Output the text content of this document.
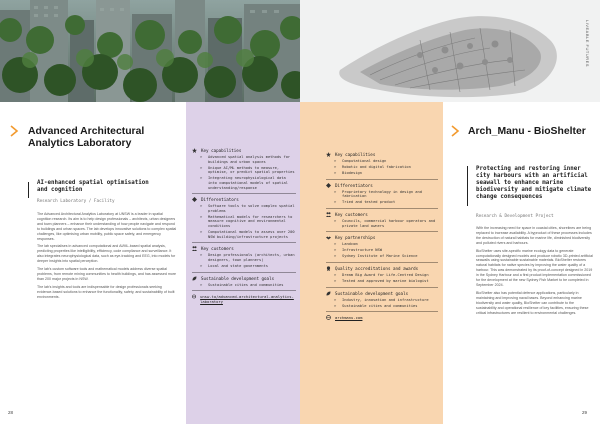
LIVEABLE FUTURES
Advanced Architectural Analytics Laboratory
AI-enhanced spatial optimisation and cognition
Research Laboratory / Facility

The Advanced Architectural Analytics Laboratory at UNSW is a leader in spatial cognition research. Its aim is to help design professionals – architects, urban designers and town planners – enhance their understanding of how people navigate and respond to buildings and urban spaces. The lab develops innovative solutions to complex spatial challenges, like optimising urban mobility, public space safety, and emergency responses.

The lab specialises in advanced computational and AI/ML-based spatial analysis, predicting properties like intelligibility, efficiency, code compliance and surveillance. It also integrates neurophysiological data, such as eye-tracking and EEG, into models for deeper insights into spatial perception.

The lab's custom software tools and mathematical models address diverse spatial problems, from remote mining communities to health buildings, and has assessed more than 200 major projects in NSW.

The lab's insights and tools are indispensable for design professionals seeking evidence-based solutions to enhance the functionality, safety, and sustainability of built environments.

28
Key capabilities
>	Advanced spatial analysis methods for buildings and urban spaces
>	Unique AI/ML methods to measure, optimise, or predict spatial properties
>	Integrating neurophysiological data into computational models of spatial understanding/response
Differentiators
>	Software tools to solve complex spatial problems
>	Mathematical models for researchers to measure cognitive and environmental conditions
>	Computational models to assess over 200 NSW building/infrastructure projects
Key customers
>	Design professionals (architects, urban designers, town planners)
>	Local and state governments
Sustainable development goals
>	Sustainable cities and communities
unsw.to/advanced-architectural-analytics-laboratory
Key capabilities
>	Computational design
>	Robotic and digital fabrication
>	Biodesign
Differentiators
>	Proprietary technology in design and fabrication
>	Tried and tested product
Key customers
>	Councils, commercial harbour operators and private land owners
Key partnerships
>	Landcom
>	Infrastructure NSW
>	Sydney Institute of Marine Science
Quality accreditations and awards
>	Dream Big Award for Life-Centred Design
>	Tested and approved by marine biologist
Sustainable development goals
>	Industry, innovation and infrastructure
>	Sustainable cities and communities
archmanu.com
Arch_Manu - BioShelter
Protecting and restoring inner city harbours with an artificial seawall to enhance marine biodiversity and mitigate climate change consequences
Research & Development Project

With the increasing need for space in coastal cities, shorelines are being replaced to increase availability. A byproduct of these processes includes the destruction of natural habitats for marine life, diminished biodiversity and polluted rivers and harbours.

BioShelter uses site-specific marine ecology data to generate computationally designed models and produce robotic 3D-printed artificial seawalls using sustainable sustainable materials. BioShelter restores natural habitats for native species by improving the water quality of a harbour. This was demonstrated by its proof-of-concept designed in 2019 in the Sydney Harbour and a first product implementation commissioned for the development at the new Sydney Fish Market to be completed in September 2024.

BioShelter also has potential defence applications, particularly in maintaining and improving naval bases. Beyond enhancing marine biodiversity and water quality, BioShelter can contribute to the sustainability and operational resilience of key facilities, ensuring these critical infrastructures are resilient to environmental challenges.

29
